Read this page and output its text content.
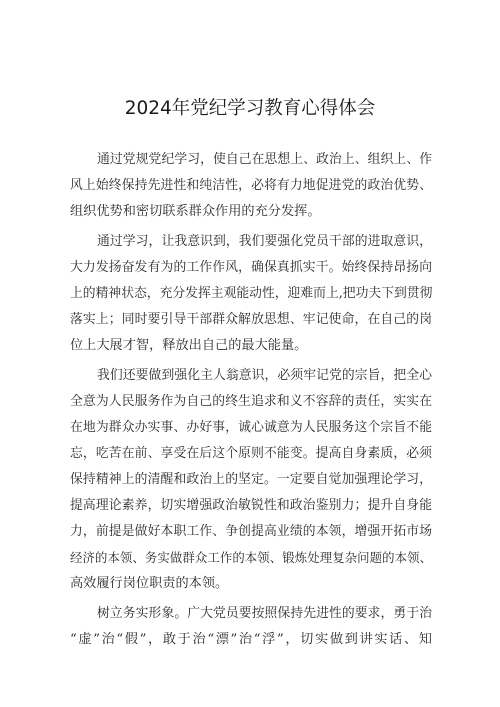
2024年党纪学习教育心得体会
通过党规党纪学习，使自己在思想上、政治上、组织上、作
风上始终保持先进性和纯洁性，必将有力地促进党的政治优势、
组织优势和密切联系群众作用的充分发挥。
通过学习，让我意识到，我们要强化党员干部的进取意识，
大力发扬奋发有为的工作作风，确保真抓实干。始终保持昂扬向
上的精神状态，充分发挥主观能动性，迎难而上,把功夫下到贯彻
落实上；同时要引导干部群众解放思想、牢记使命，在自己的岗
位上大展才智，释放出自己的最大能量。
我们还要做到强化主人翁意识，必须牢记党的宗旨，把全心
全意为人民服务作为自己的终生追求和义不容辞的责任，实实在
在地为群众办实事、办好事，诚心诚意为人民服务这个宗旨不能
忘，吃苦在前、享受在后这个原则不能变。提高自身素质，必须
保持精神上的清醒和政治上的坚定。一定要自觉加强理论学习，
提高理论素养，切实增强政治敏锐性和政治鉴别力；提升自身能
力，前提是做好本职工作、争创提高业绩的本领，增强开拓市场
经济的本领、务实做群众工作的本领、锻炼处理复杂问题的本领、
高效履行岗位职责的本领。
树立务实形象。广大党员要按照保持先进性的要求，勇于治
“虚”治“假”，敢于治“漂”治“浮”，切实做到讲实话、知
